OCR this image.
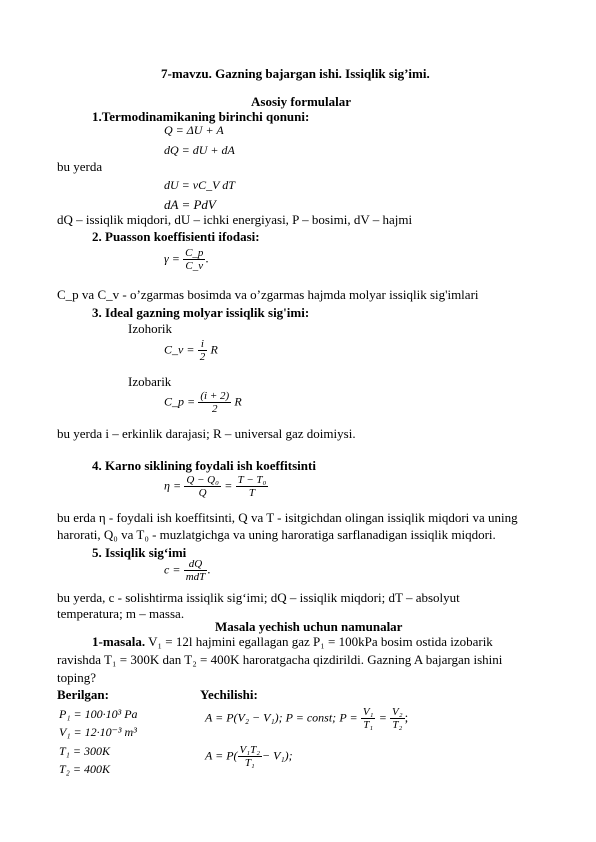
7-mavzu. Gazning bajargan ishi. Issiqlik sig’imi.
Asosiy formulalar
1.Termodinamikaning birinchi qonuni:
Q = ΔU + A
dQ = dU + dA
bu yerda
dU = νC_V dT
dA = PdV
dQ – issiqlik miqdori, dU – ichki energiyasi, P – bosimi, dV – hajmi
2. Puasson koeffisienti ifodasi:
$\gamma = \frac{C\_p}{C\_v}$ .
C_p va C_v - o’zgarmas bosimda va o’zgarmas hajmda molyar issiqlik sig'imlari
3. Ideal gazning molyar issiqlik sig'imi:
Izohorik
C_v = $\frac{i}{2}$ R
Izobarik
C_p = $\frac{(i + 2)}{2}$ R
bu yerda i – erkinlik darajasi; R – universal gaz doimiysi.
4. Karno siklining foydali ish koeffitsinti
$\eta = \frac{\text{Q − Q₀}}{Q} = \frac{\text{T − T₀}}{T}$
bu erda η - foydali ish koeffitsinti, Q va T - isitgichdan olingan issiqlik miqdori va uning
harorati, Q₀ va T₀ - muzlatgichga va uning haroratiga sarflanadigan issiqlik miqdori.
5. Issiqlik sig‘imi
$c = \frac{dQ}{\text{mdT}}$ .
bu yerda, c - solishtirma issiqlik sig‘imi; dQ – issiqlik miqdori; dT – absolyut
temperatura; m – massa.
Masala yechish uchun namunalar
1-masala. V₁ = 12l hajmini egallagan gaz P₁ = 100kPa bosim ostida izobarik
ravishda T₁ = 300K dan T₂ = 400K haroratgacha qizdirildi. Gazning A bajargan ishini
toping?
Berilgan:
P₁ = 100·10³ Pa
V₁ = 12·10⁻³ m³
T₁ = 300K
T₂ = 400K
Yechilishi:
A = P(V₂ − V₁); P = const; $P = \frac{\text{V₁}}{\text{T₁}} = \frac{\text{V₂}}{\text{T₂}}$ ;
$A = P( \frac{\text{V₁T₂}}{\text{T₁}} - V_1)$;
